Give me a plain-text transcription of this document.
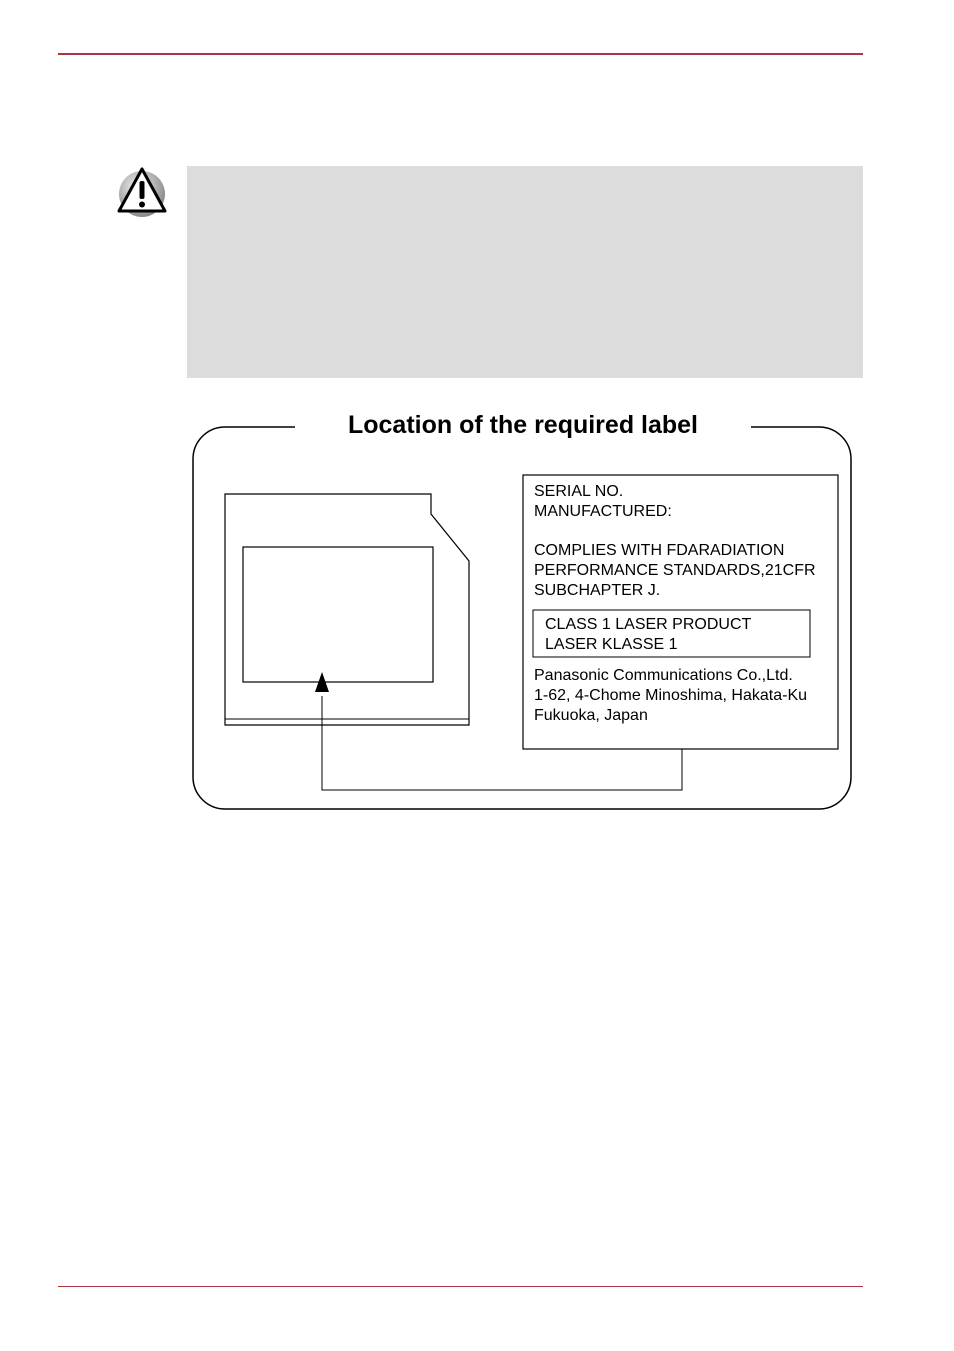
Location of the required label
SERIAL NO.
MANUFACTURED:
COMPLIES WITH FDARADIATION
PERFORMANCE STANDARDS,21CFR
SUBCHAPTER J.
CLASS 1 LASER PRODUCT
LASER KLASSE 1
Panasonic Communications Co.,Ltd.
1-62, 4-Chome Minoshima, Hakata-Ku
Fukuoka, Japan
